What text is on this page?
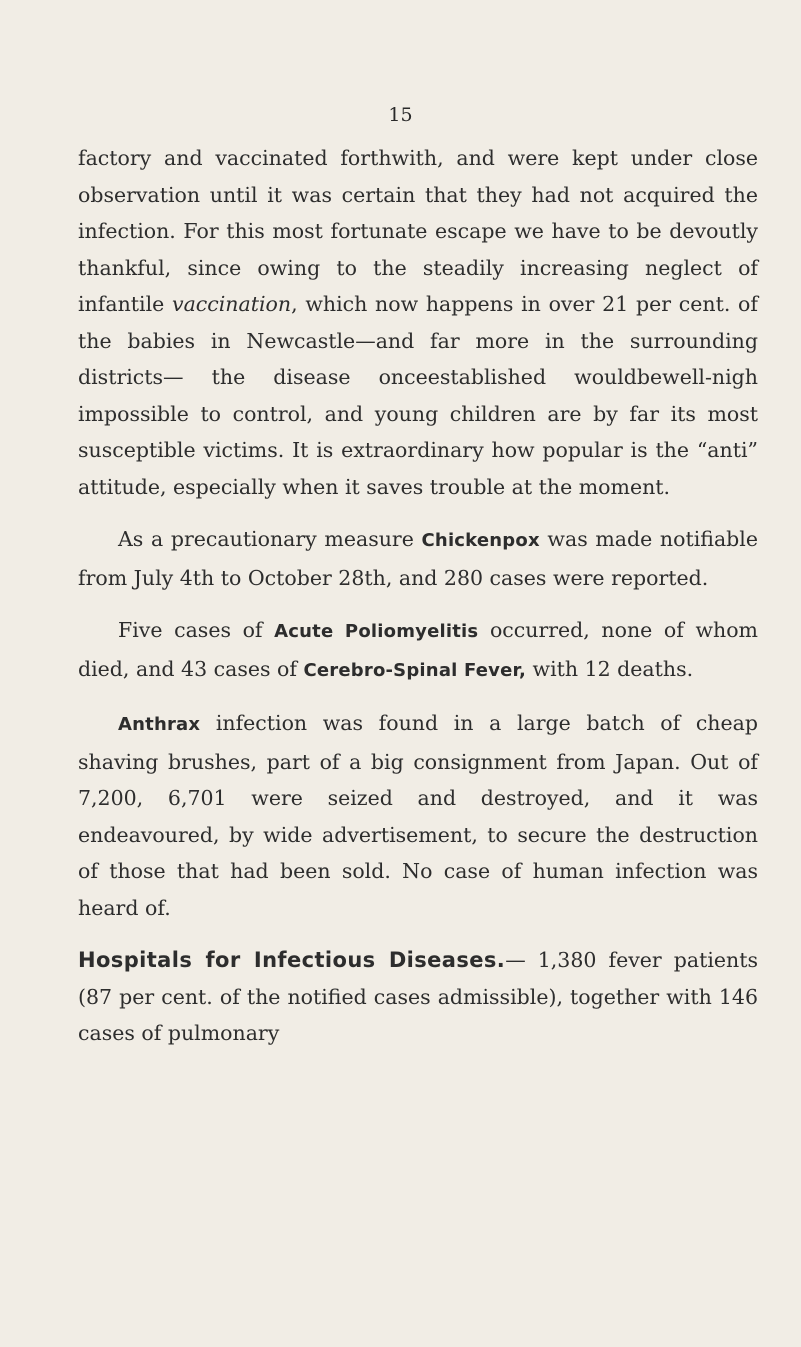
15

factory and vaccinated forthwith, and were kept under close observation until it was certain that they had not acquired the infection. For this most fortunate escape we have to be devoutly thankful, since owing to the steadily increasing neglect of infantile vaccination, which now happens in over 21 per cent. of the babies in Newcastle—and far more in the surrounding districts— the disease onceestablished wouldbewell-nigh impossible to control, and young children are by far its most susceptible victims. It is extraordinary how popular is the “anti” attitude, especially when it saves trouble at the moment.

As a precautionary measure Chickenpox was made notifiable from July 4th to October 28th, and 280 cases were reported.

Five cases of Acute Poliomyelitis occurred, none of whom died, and 43 cases of Cerebro-Spinal Fever, with 12 deaths.

Anthrax infection was found in a large batch of cheap shaving brushes, part of a big consignment from Japan. Out of 7,200, 6,701 were seized and destroyed, and it was endeavoured, by wide advertisement, to secure the destruction of those that had been sold. No case of human infection was heard of.

Hospitals for Infectious Diseases.— 1,380 fever patients (87 per cent. of the notified cases admissible), together with 146 cases of pulmonary
